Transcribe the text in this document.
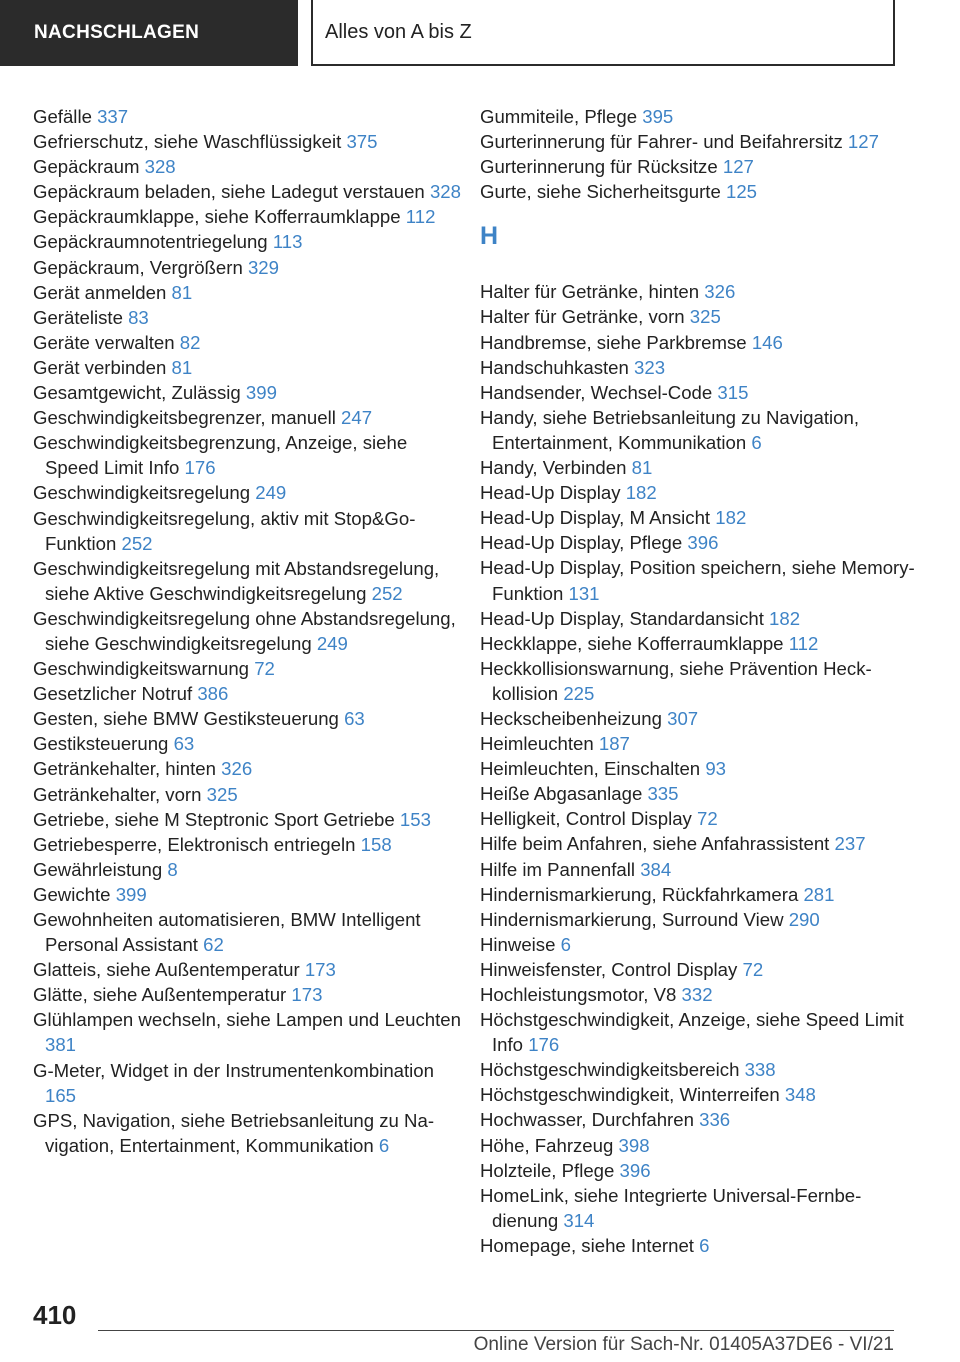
NACHSCHLAGEN	Alles von A bis Z
Gefälle 337
Gefrierschutz, siehe Waschflüssigkeit 375
Gepäckraum 328
Gepäckraum beladen, siehe Ladegut verstauen 328
Gepäckraumklappe, siehe Kofferraumklappe 112
Gepäckraumnotentriegelung 113
Gepäckraum, Vergrößern 329
Gerät anmelden 81
Geräteliste 83
Geräte verwalten 82
Gerät verbinden 81
Gesamtgewicht, Zulässig 399
Geschwindigkeitsbegrenzer, manuell 247
Geschwindigkeitsbegrenzung, Anzeige, siehe Speed Limit Info 176
Geschwindigkeitsregelung 249
Geschwindigkeitsregelung, aktiv mit Stop&Go-Funktion 252
Geschwindigkeitsregelung mit Abstandsregelung, siehe Aktive Geschwindigkeitsregelung 252
Geschwindigkeitsregelung ohne Abstandsregelung, siehe Geschwindigkeitsregelung 249
Geschwindigkeitswarnung 72
Gesetzlicher Notruf 386
Gesten, siehe BMW Gestiksteuerung 63
Gestiksteuerung 63
Getränkehalter, hinten 326
Getränkehalter, vorn 325
Getriebe, siehe M Steptronic Sport Getriebe 153
Getriebesperre, Elektronisch entriegeln 158
Gewährleistung 8
Gewichte 399
Gewohnheiten automatisieren, BMW Intelligent Personal Assistant 62
Glatteis, siehe Außentemperatur 173
Glätte, siehe Außentemperatur 173
Glühlampen wechseln, siehe Lampen und Leuchten 381
G-Meter, Widget in der Instrumentenkombination 165
GPS, Navigation, siehe Betriebsanleitung zu Navigation, Entertainment, Kommunikation 6
Gummiteile, Pflege 395
Gurterinnerung für Fahrer- und Beifahrersitz 127
Gurterinnerung für Rücksitze 127
Gurte, siehe Sicherheitsgurte 125
H
Halter für Getränke, hinten 326
Halter für Getränke, vorn 325
Handbremse, siehe Parkbremse 146
Handschuhkasten 323
Handsender, Wechsel-Code 315
Handy, siehe Betriebsanleitung zu Navigation, Entertainment, Kommunikation 6
Handy, Verbinden 81
Head-Up Display 182
Head-Up Display, M Ansicht 182
Head-Up Display, Pflege 396
Head-Up Display, Position speichern, siehe Memory-Funktion 131
Head-Up Display, Standardansicht 182
Heckklappe, siehe Kofferraumklappe 112
Heckkollisionswarnung, siehe Prävention Heckkollision 225
Heckscheibenheizung 307
Heimleuchten 187
Heimleuchten, Einschalten 93
Heiße Abgasanlage 335
Helligkeit, Control Display 72
Hilfe beim Anfahren, siehe Anfahrassistent 237
Hilfe im Pannenfall 384
Hindernismarkierung, Rückfahrkamera 281
Hindernismarkierung, Surround View 290
Hinweise 6
Hinweisfenster, Control Display 72
Hochleistungsmotor, V8 332
Höchstgeschwindigkeit, Anzeige, siehe Speed Limit Info 176
Höchstgeschwindigkeitsbereich 338
Höchstgeschwindigkeit, Winterreifen 348
Hochwasser, Durchfahren 336
Höhe, Fahrzeug 398
Holzteile, Pflege 396
HomeLink, siehe Integrierte Universal-Fernbedienung 314
Homepage, siehe Internet 6
410
Online Version für Sach-Nr. 01405A37DE6 - VI/21
